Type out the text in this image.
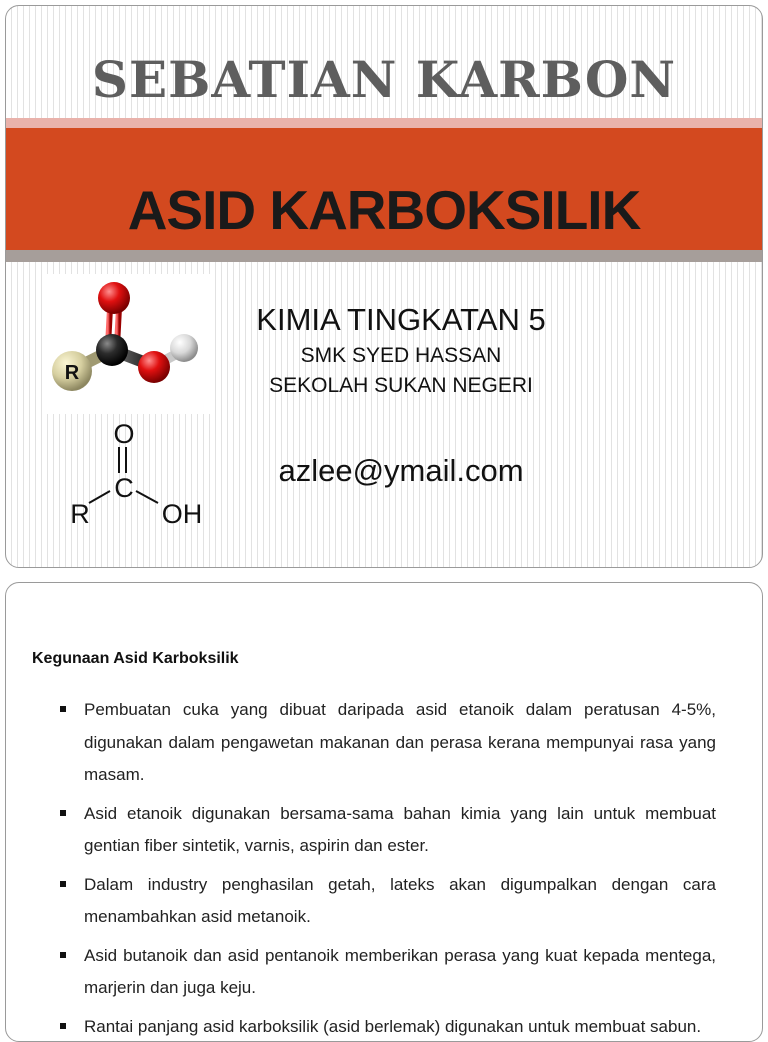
SEBATIAN KARBON
ASID KARBOKSILIK
R
O
C
R	OH

KIMIA TINGKATAN 5

SMK SYED HASSAN

SEKOLAH SUKAN NEGERI

azlee@ymail.com

Kegunaan Asid Karboksilik
Pembuatan cuka yang dibuat daripada asid etanoik dalam peratusan 4-5%, digunakan dalam pengawetan makanan dan perasa kerana mempunyai rasa yang masam.
Asid etanoik digunakan bersama-sama bahan kimia yang lain untuk membuat gentian fiber sintetik, varnis, aspirin dan ester.
Dalam industry penghasilan getah, lateks akan digumpalkan dengan cara menambahkan asid metanoik.
Asid butanoik dan asid pentanoik memberikan perasa yang kuat kepada mentega, marjerin dan juga keju.
Rantai panjang asid karboksilik (asid berlemak) digunakan untuk membuat sabun.
